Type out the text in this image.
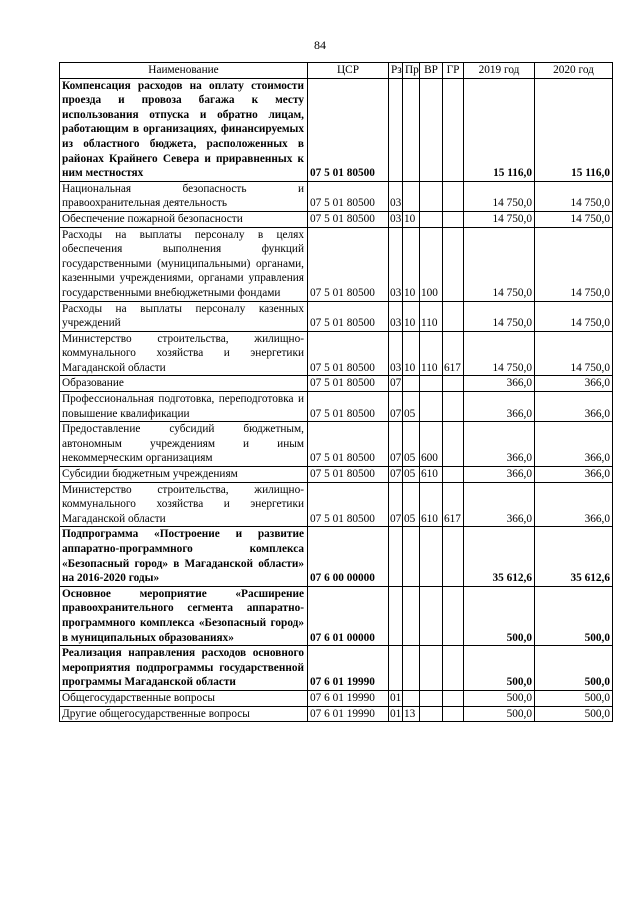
84
Наименование	ЦСР	Рз	Пр	ВР	ГР	2019 год	2020 год
Компенсация расходов на оплату стоимости проезда и провоза багажа к месту использования отпуска и обратно лицам, работающим в организациях, финансируемых из областного бюджета, расположенных в районах Крайнего Севера и приравненных к ним местностях	07 5 01 80500					15 116,0	15 116,0
Национальная безопасность и правоохранительная деятельность	07 5 01 80500	03				14 750,0	14 750,0
Обеспечение пожарной безопасности	07 5 01 80500	03	10			14 750,0	14 750,0
Расходы на выплаты персоналу в целях обеспечения выполнения функций государственными (муниципальными) органами, казенными учреждениями, органами управления государственными внебюджетными фондами	07 5 01 80500	03	10	100		14 750,0	14 750,0
Расходы на выплаты персоналу казенных учреждений	07 5 01 80500	03	10	110		14 750,0	14 750,0
Министерство строительства, жилищно-коммунального хозяйства и энергетики Магаданской области	07 5 01 80500	03	10	110	617	14 750,0	14 750,0
Образование	07 5 01 80500	07				366,0	366,0
Профессиональная подготовка, переподготовка и повышение квалификации	07 5 01 80500	07	05			366,0	366,0
Предоставление субсидий бюджетным, автономным учреждениям и иным некоммерческим организациям	07 5 01 80500	07	05	600		366,0	366,0
Субсидии бюджетным учреждениям	07 5 01 80500	07	05	610		366,0	366,0
Министерство строительства, жилищно-коммунального хозяйства и энергетики Магаданской области	07 5 01 80500	07	05	610	617	366,0	366,0
Подпрограмма «Построение и развитие аппаратно-программного комплекса «Безопасный город» в Магаданской области» на 2016-2020 годы»	07 6 00 00000					35 612,6	35 612,6
Основное мероприятие «Расширение правоохранительного сегмента аппаратно-программного комплекса «Безопасный город» в муниципальных образованиях»	07 6 01 00000					500,0	500,0
Реализация направления расходов основного мероприятия подпрограммы государственной программы Магаданской области	07 6 01 19990					500,0	500,0
Общегосударственные вопросы	07 6 01 19990	01				500,0	500,0
Другие общегосударственные вопросы	07 6 01 19990	01	13			500,0	500,0
